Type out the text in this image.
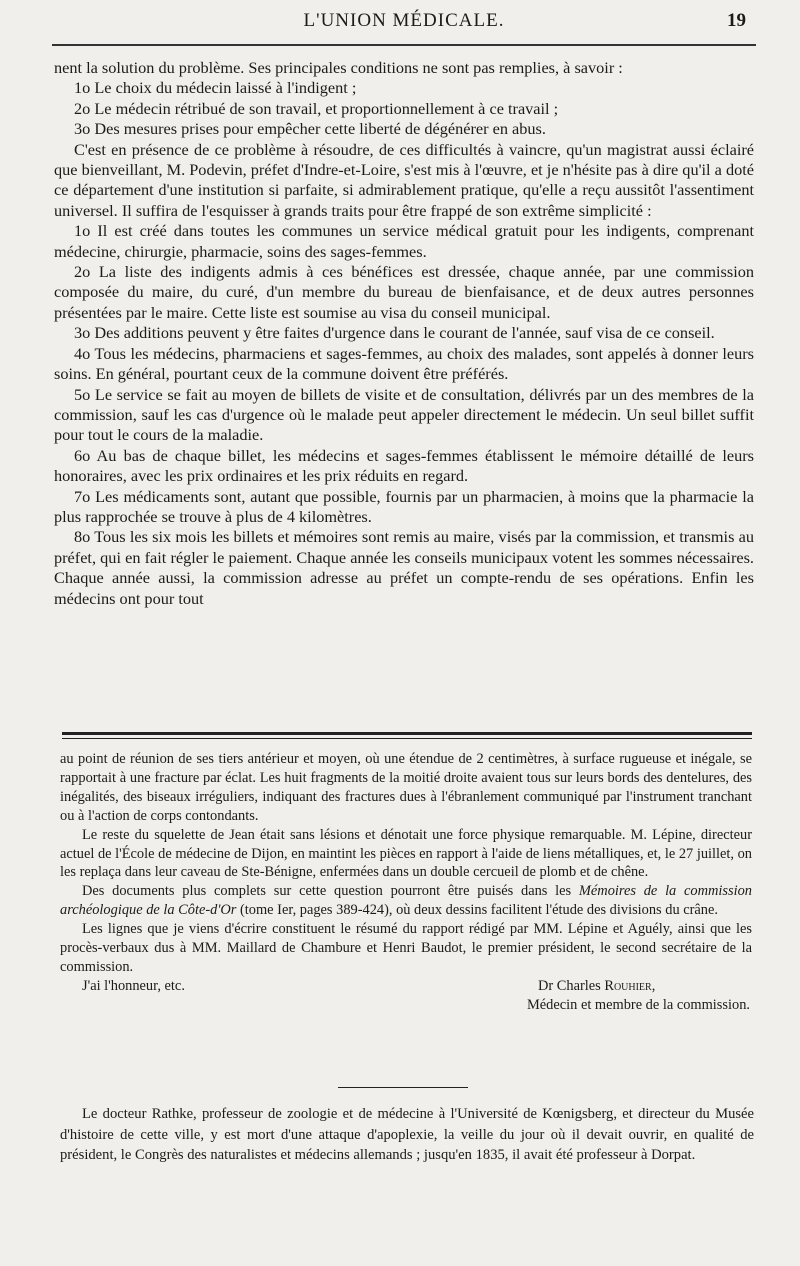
L'UNION MÉDICALE.	19

nent la solution du problème. Ses principales conditions ne sont pas remplies, à savoir :

1o Le choix du médecin laissé à l'indigent ;

2o Le médecin rétribué de son travail, et proportionnellement à ce travail ;

3o Des mesures prises pour empêcher cette liberté de dégénérer en abus.

C'est en présence de ce problème à résoudre, de ces difficultés à vaincre, qu'un magistrat aussi éclairé que bienveillant, M. Podevin, préfet d'Indre-et-Loire, s'est mis à l'œuvre, et je n'hésite pas à dire qu'il a doté ce département d'une institution si parfaite, si admirablement pratique, qu'elle a reçu aussitôt l'assentiment universel. Il suffira de l'esquisser à grands traits pour être frappé de son extrême simplicité :

1o Il est créé dans toutes les communes un service médical gratuit pour les indigents, comprenant médecine, chirurgie, pharmacie, soins des sages-femmes.

2o La liste des indigents admis à ces bénéfices est dressée, chaque année, par une commission composée du maire, du curé, d'un membre du bureau de bienfaisance, et de deux autres personnes présentées par le maire. Cette liste est soumise au visa du conseil municipal.

3o Des additions peuvent y être faites d'urgence dans le courant de l'année, sauf visa de ce conseil.

4o Tous les médecins, pharmaciens et sages-femmes, au choix des malades, sont appelés à donner leurs soins. En général, pourtant ceux de la commune doivent être préférés.

5o Le service se fait au moyen de billets de visite et de consultation, délivrés par un des membres de la commission, sauf les cas d'urgence où le malade peut appeler directement le médecin. Un seul billet suffit pour tout le cours de la maladie.

6o Au bas de chaque billet, les médecins et sages-femmes établissent le mémoire détaillé de leurs honoraires, avec les prix ordinaires et les prix réduits en regard.

7o Les médicaments sont, autant que possible, fournis par un pharmacien, à moins que la pharmacie la plus rapprochée se trouve à plus de 4 kilomètres.

8o Tous les six mois les billets et mémoires sont remis au maire, visés par la commission, et transmis au préfet, qui en fait régler le paiement. Chaque année les conseils municipaux votent les sommes nécessaires. Chaque année aussi, la commission adresse au préfet un compte-rendu de ses opérations. Enfin les médecins ont pour tout

au point de réunion de ses tiers antérieur et moyen, où une étendue de 2 centimètres, à surface rugueuse et inégale, se rapportait à une fracture par éclat. Les huit fragments de la moitié droite avaient tous sur leurs bords des dentelures, des inégalités, des biseaux irréguliers, indiquant des fractures dues à l'ébranlement communiqué par l'instrument tranchant ou à l'action de corps contondants.

Le reste du squelette de Jean était sans lésions et dénotait une force physique remarquable. M. Lépine, directeur actuel de l'École de médecine de Dijon, en maintint les pièces en rapport à l'aide de liens métalliques, et, le 27 juillet, on les replaça dans leur caveau de Ste-Bénigne, enfermées dans un double cercueil de plomb et de chêne.

Des documents plus complets sur cette question pourront être puisés dans les Mémoires de la commission archéologique de la Côte-d'Or (tome Ier, pages 389-424), où deux dessins facilitent l'étude des divisions du crâne.

Les lignes que je viens d'écrire constituent le résumé du rapport rédigé par MM. Lépine et Aguély, ainsi que les procès-verbaux dus à MM. Maillard de Chambure et Henri Baudot, le premier président, le second secrétaire de la commission.

J'ai l'honneur, etc.	Dr Charles Rouhier,
Médecin et membre de la commission.

Le docteur Rathke, professeur de zoologie et de médecine à l'Université de Kœnigsberg, et directeur du Musée d'histoire de cette ville, y est mort d'une attaque d'apoplexie, la veille du jour où il devait ouvrir, en qualité de président, le Congrès des naturalistes et médecins allemands ; jusqu'en 1835, il avait été professeur à Dorpat.
